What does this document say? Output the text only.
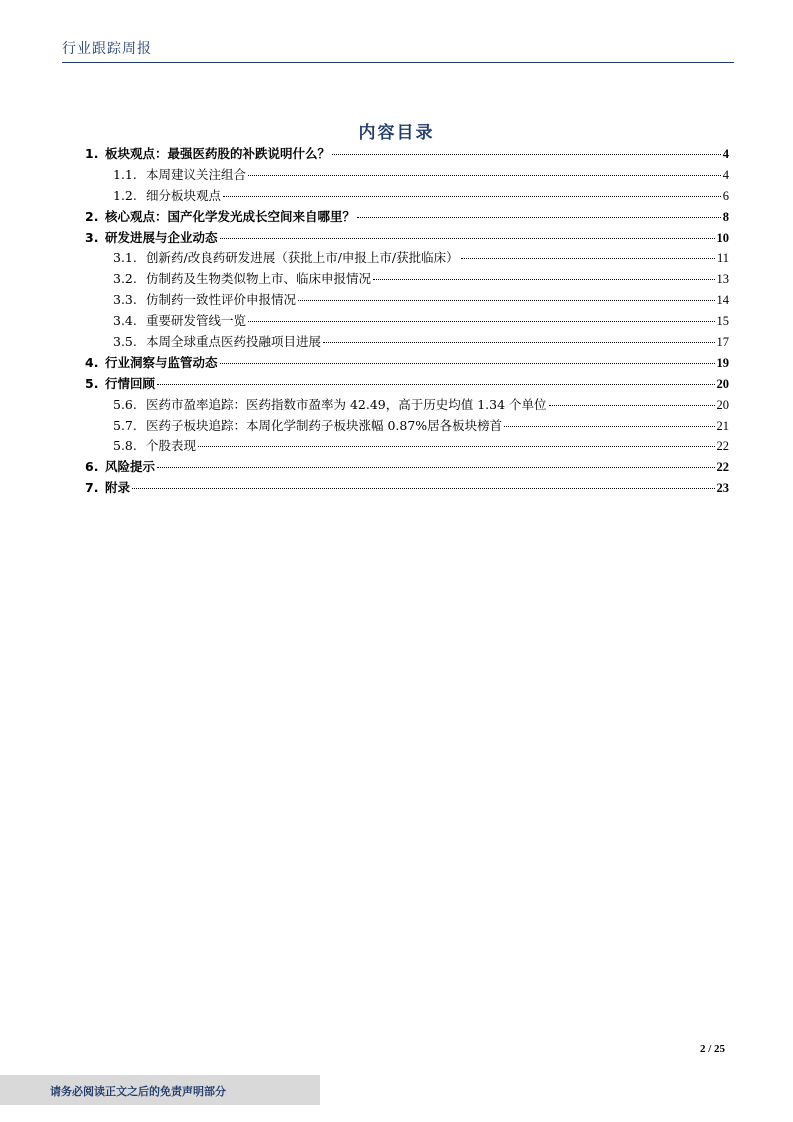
行业跟踪周报
内容目录
1. 板块观点：最强医药股的补跌说明什么？	4
1.1. 本周建议关注组合	4
1.2. 细分板块观点	6
2. 核心观点：国产化学发光成长空间来自哪里？	8
3. 研发进展与企业动态	10
3.1. 创新药/改良药研发进展（获批上市/申报上市/获批临床）	11
3.2. 仿制药及生物类似物上市、临床申报情况	13
3.3. 仿制药一致性评价申报情况	14
3.4. 重要研发管线一览	15
3.5. 本周全球重点医药投融项目进展	17
4. 行业洞察与监管动态	19
5. 行情回顾	20
5.6. 医药市盈率追踪：医药指数市盈率为 42.49，高于历史均值 1.34 个单位	20
5.7. 医药子板块追踪：本周化学制药子板块涨幅 0.87%居各板块榜首	21
5.8. 个股表现	22
6. 风险提示	22
7. 附录	23
2 / 25
请务必阅读正文之后的免责声明部分
